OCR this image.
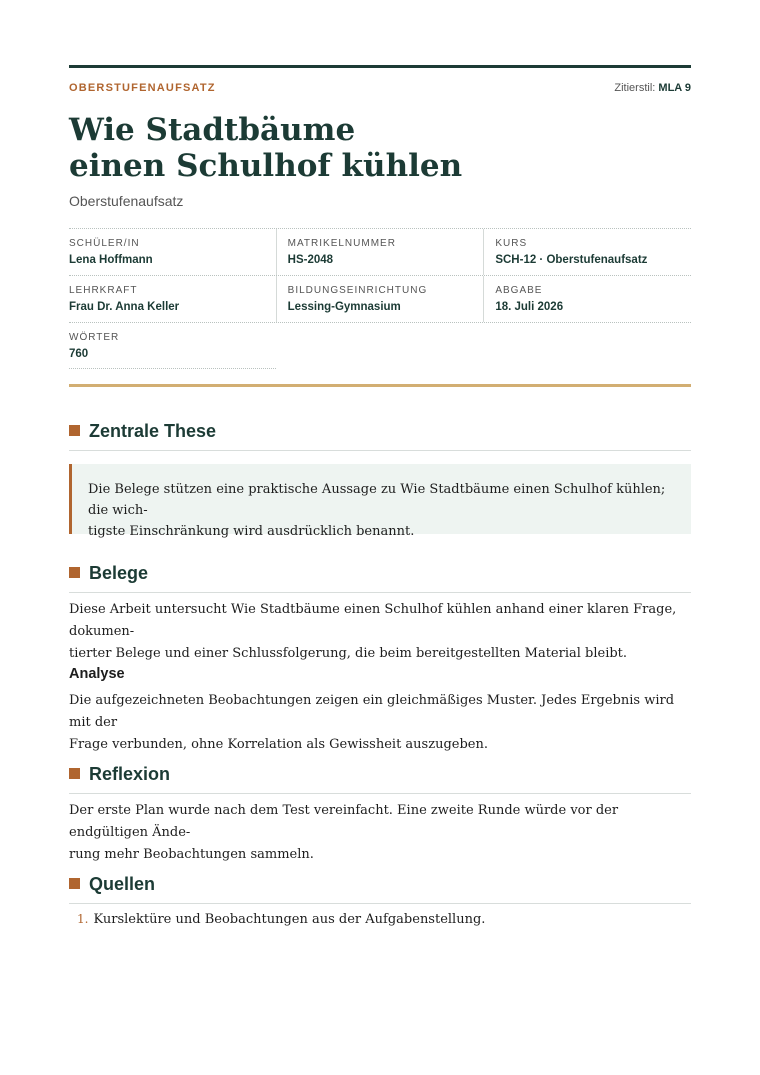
OBERSTUFENAUFSATZ	Zitierstil: MLA 9
Wie Stadtbäume
einen Schulhof kühlen
Oberstufenaufsatz
SCHÜLER/IN
Lena Hoffmann
MATRIKELNUMMER
HS-2048
KURS
SCH-12 · Oberstufenaufsatz
LEHRKRAFT
Frau Dr. Anna Keller
BILDUNGSEINRICHTUNG
Lessing-Gymnasium
ABGABE
18. Juli 2026
WÖRTER
760
Zentrale These
Die Belege stützen eine praktische Aussage zu Wie Stadtbäume einen Schulhof kühlen; die wich-
tigste Einschränkung wird ausdrücklich benannt.
Belege

Diese Arbeit untersucht Wie Stadtbäume einen Schulhof kühlen anhand einer klaren Frage, dokumen-
tierter Belege und einer Schlussfolgerung, die beim bereitgestellten Material bleibt.

Analyse

Die aufgezeichneten Beobachtungen zeigen ein gleichmäßiges Muster. Jedes Ergebnis wird mit der
Frage verbunden, ohne Korrelation als Gewissheit auszugeben.

Reflexion

Der erste Plan wurde nach dem Test vereinfacht. Eine zweite Runde würde vor der endgültigen Ände-
rung mehr Beobachtungen sammeln.

Quellen
1. Kurslektüre und Beobachtungen aus der Aufgabenstellung.
